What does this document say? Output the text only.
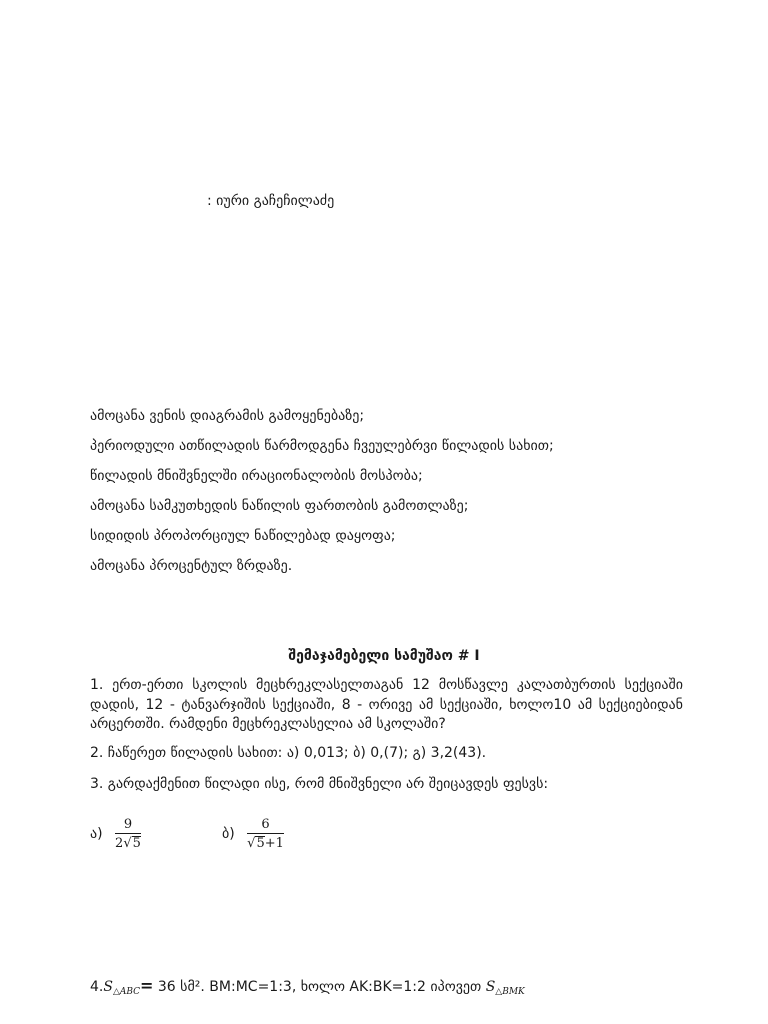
: იური გაჩეჩილაძე
ამოცანა ვენის დიაგრამის გამოყენებაზე;
პერიოდული ათწილადის წარმოდგენა ჩვეულებრვი წილადის სახით;
წილადის მნიშვნელში ირაციონალობის მოსპობა;
ამოცანა სამკუთხედის ნაწილის ფართობის გამოთლაზე;
სიდიდის პროპორციულ ნაწილებად დაყოფა;
ამოცანა პროცენტულ ზრდაზე.
შემაჯამებელი სამუშაო # I
1. ერთ-ერთი სკოლის მეცხრეკლასელთაგან 12 მოსწავლე კალათბურთის სექციაში დადის, 12 - ტანვარჯიშის სექციაში, 8 - ორივე ამ სექციაში, ხოლო10 ამ სექციებიდან არცერთში. რამდენი მეცხრეკლასელია ამ სკოლაში?
2. ჩაწერეთ წილადის სახით: ა) 0,013; ბ) 0,(7); გ) 3,2(43).
3. გარდაქმენით წილადი ისე, რომ მნიშვნელი არ შეიცავდეს ფესვს:
ა) $\frac{9}{2√5}$	ბ) $\frac{6}{√5+1}$
$4.S_{\triangle ABC}= 36$ სმ². BM:MC=1:3, ხოლო AK:BK=1:2 იპოვეთ $S_{\triangle BMK}$
